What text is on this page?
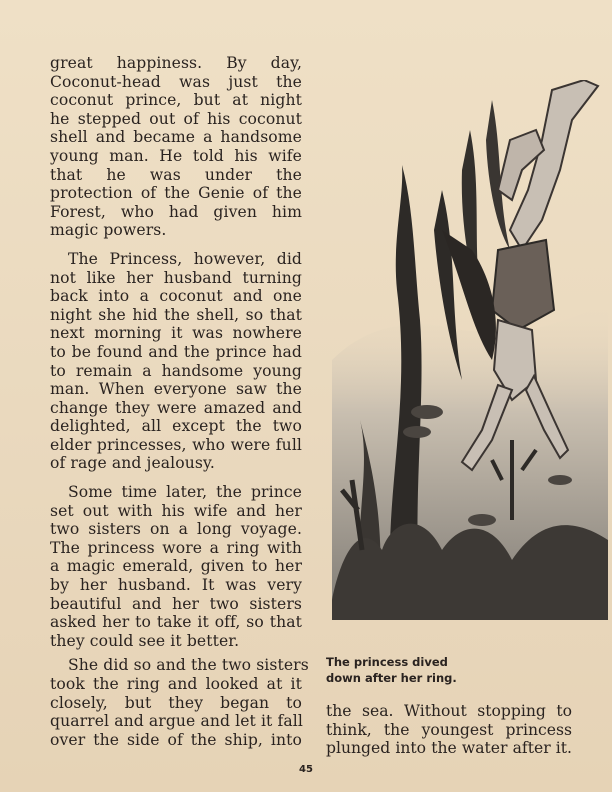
great happiness. By day,
Coconut-head was just the
coconut prince, but at night
he stepped out of his coconut
shell and became a handsome
young man. He told his wife
that he was under the
protection of the Genie of the
Forest, who had given him
magic powers.

The Princess, however, did
not like her husband turning
back into a coconut and one
night she hid the shell, so that
next morning it was nowhere
to be found and the prince had
to remain a handsome young
man. When everyone saw the
change they were amazed and
delighted, all except the two
elder princesses, who were full
of rage and jealousy.

Some time later, the prince
set out with his wife and her
two sisters on a long voyage.
The princess wore a ring with
a magic emerald, given to her
by her husband. It was very
beautiful and her two sisters
asked her to take it off, so that
they could see it better.

She did so and the two sisters
took the ring and looked at it
closely, but they began to
quarrel and argue and let it fall
over the side of the ship, into

The princess dived
down after her ring.
the sea. Without stopping to
think, the youngest princess
plunged into the water after it.
45
